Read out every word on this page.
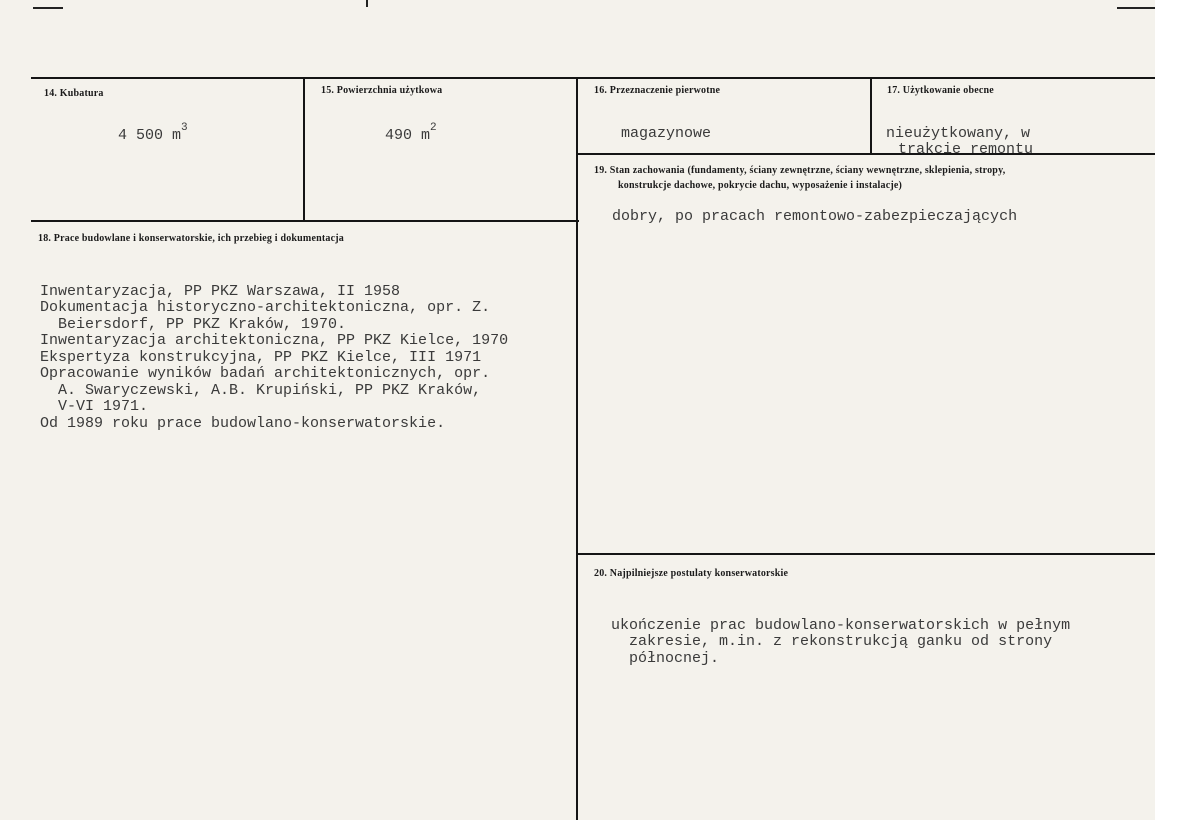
14. Kubatura
4 500 $m^3$
15. Powierzchnia użytkowa
490 $m^2$
16. Przeznaczenie pierwotne
magazynowe
17. Użytkowanie obecne

nieużytkowany, w
trakcie remontu
18. Prace budowlane i konserwatorskie, ich przebieg i dokumentacja

Inwentaryzacja, PP PKZ Warszawa, II 1958
Dokumentacja historyczno-architektoniczna, opr. Z.
Beiersdorf, PP PKZ Kraków, 1970.
Inwentaryzacja architektoniczna, PP PKZ Kielce, 1970
Ekspertyza konstrukcyjna, PP PKZ Kielce, III 1971
Opracowanie wyników badań architektonicznych, opr.
A. Swaryczewski, A.B. Krupiński, PP PKZ Kraków,
V-VI 1971.
Od 1989 roku prace budowlano-konserwatorskie.
19. Stan zachowania (fundamenty, ściany zewnętrzne, ściany wewnętrzne, sklepienia, stropy,
konstrukcje dachowe, pokrycie dachu, wyposażenie i instalacje)
dobry, po pracach remontowo-zabezpieczających
20. Najpilniejsze postulaty konserwatorskie

ukończenie prac budowlano-konserwatorskich w pełnym
zakresie, m.in. z rekonstrukcją ganku od strony
północnej.
